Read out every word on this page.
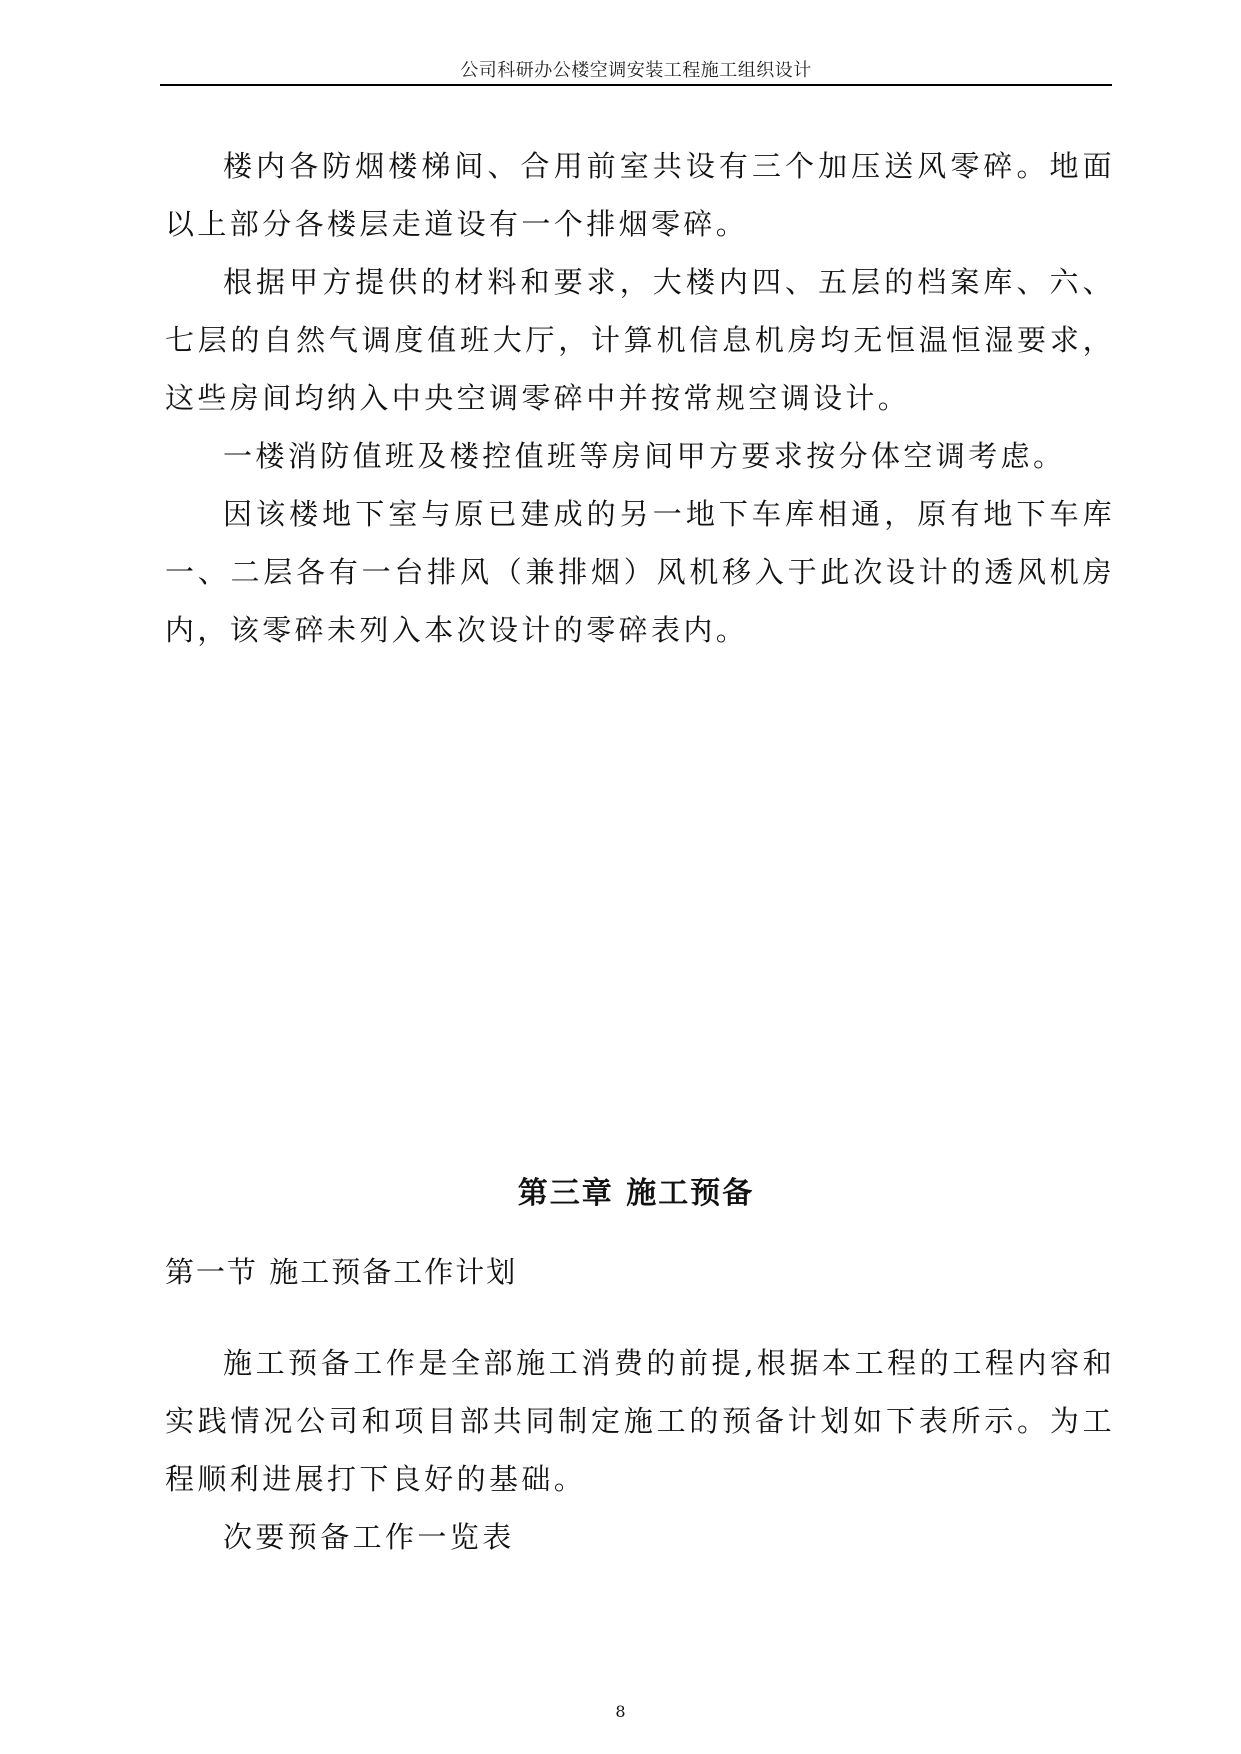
公司科研办公楼空调安装工程施工组织设计

楼内各防烟楼梯间、合用前室共设有三个加压送风零碎。地面以上部分各楼层走道设有一个排烟零碎。

根据甲方提供的材料和要求，大楼内四、五层的档案库、六、七层的自然气调度值班大厅，计算机信息机房均无恒温恒湿要求，这些房间均纳入中央空调零碎中并按常规空调设计。

一楼消防值班及楼控值班等房间甲方要求按分体空调考虑。

因该楼地下室与原已建成的另一地下车库相通，原有地下车库一、二层各有一台排风（兼排烟）风机移入于此次设计的透风机房内，该零碎未列入本次设计的零碎表内。

第三章 施工预备
第一节 施工预备工作计划

施工预备工作是全部施工消费的前提,根据本工程的工程内容和实践情况公司和项目部共同制定施工的预备计划如下表所示。为工程顺利进展打下良好的基础。

次要预备工作一览表

8
